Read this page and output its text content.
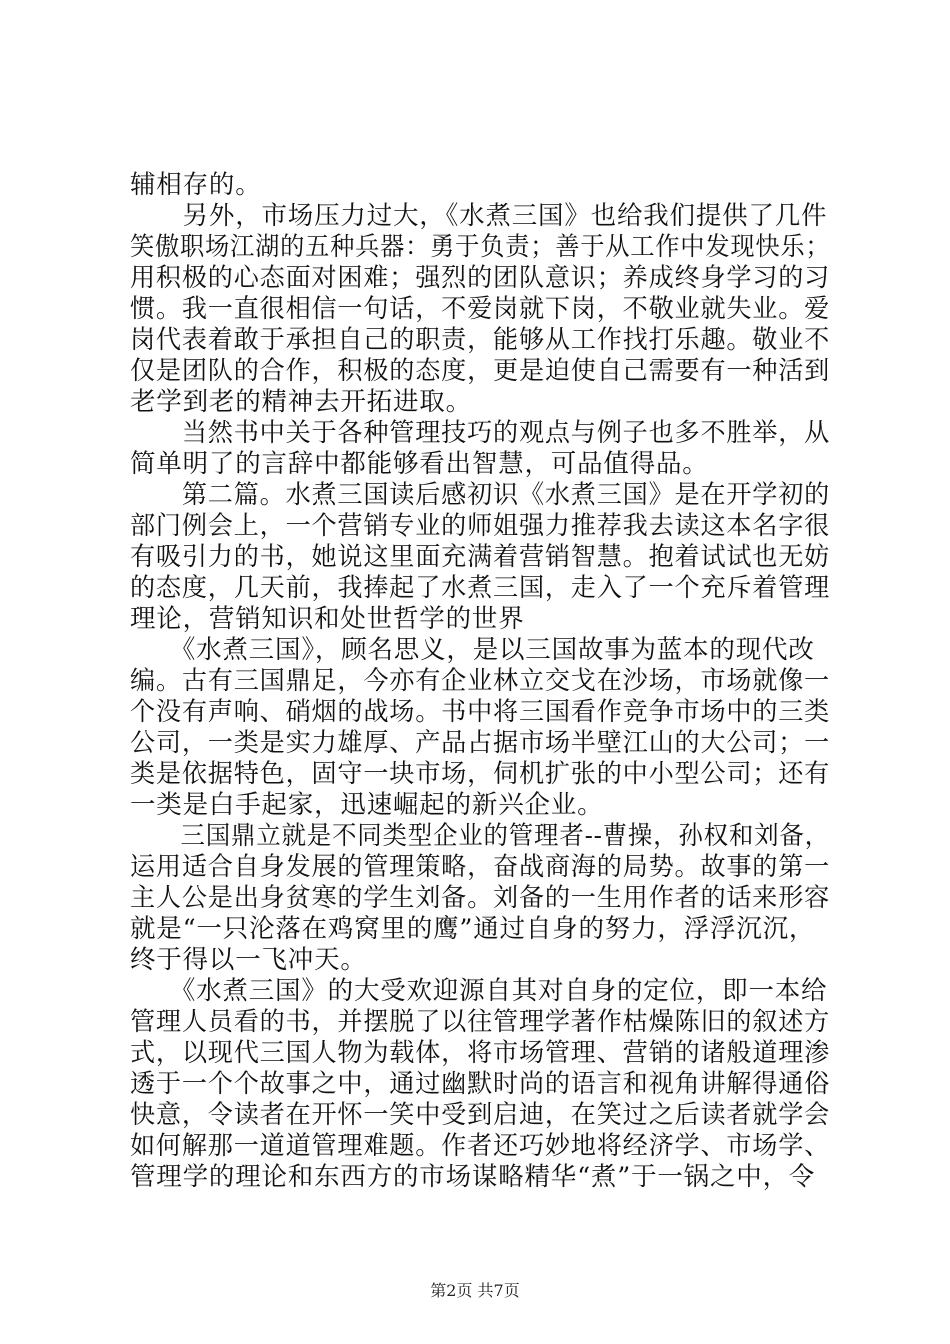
辅相存的。
　　另外，市场压力过大，《水煮三国》也给我们提供了几件
笑傲职场江湖的五种兵器：勇于负责；善于从工作中发现快乐；
用积极的心态面对困难；强烈的团队意识；养成终身学习的习
惯。我一直很相信一句话，不爱岗就下岗，不敬业就失业。爱
岗代表着敢于承担自己的职责，能够从工作找打乐趣。敬业不
仅是团队的合作，积极的态度，更是迫使自己需要有一种活到
老学到老的精神去开拓进取。
　　当然书中关于各种管理技巧的观点与例子也多不胜举，从
简单明了的言辞中都能够看出智慧，可品值得品。
　　第二篇。水煮三国读后感初识《水煮三国》是在开学初的
部门例会上，一个营销专业的师姐强力推荐我去读这本名字很
有吸引力的书，她说这里面充满着营销智慧。抱着试试也无妨
的态度，几天前，我捧起了水煮三国，走入了一个充斥着管理
理论，营销知识和处世哲学的世界
　　《水煮三国》，顾名思义，是以三国故事为蓝本的现代改
编。古有三国鼎足，今亦有企业林立交戈在沙场，市场就像一
个没有声响、硝烟的战场。书中将三国看作竞争市场中的三类
公司，一类是实力雄厚、产品占据市场半壁江山的大公司；一
类是依据特色，固守一块市场，伺机扩张的中小型公司；还有
一类是白手起家，迅速崛起的新兴企业。
　　三国鼎立就是不同类型企业的管理者--曹操，孙权和刘备，
运用适合自身发展的管理策略，奋战商海的局势。故事的第一
主人公是出身贫寒的学生刘备。刘备的一生用作者的话来形容
就是“一只沦落在鸡窝里的鹰”通过自身的努力，浮浮沉沉，
终于得以一飞冲天。
　　《水煮三国》的大受欢迎源自其对自身的定位，即一本给
管理人员看的书，并摆脱了以往管理学著作枯燥陈旧的叙述方
式，以现代三国人物为载体，将市场管理、营销的诸般道理渗
透于一个个故事之中，通过幽默时尚的语言和视角讲解得通俗
快意，令读者在开怀一笑中受到启迪，在笑过之后读者就学会
如何解那一道道管理难题。作者还巧妙地将经济学、市场学、
管理学的理论和东西方的市场谋略精华“煮”于一锅之中，令
第2页 共7页
